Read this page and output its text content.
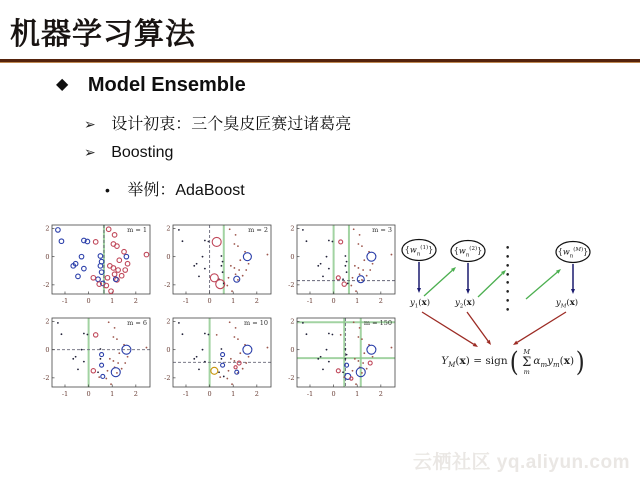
机器学习算法
◆ Model Ensemble
➢ 设计初衷：三个臭皮匠赛过诸葛亮
➢ Boosting
• 举例：AdaBoost
-1	0	1	2
2
0
-2
m = 1
-1	0	1	2
2
0
-2
m = 2
-1	0	1	2
2
0
-2
m = 3
-1	0	1	2
2
0
-2
m = 6
-1	0	1	2
2
0
-2
m = 10
-1	0	1	2
2
0
-2
m = 150
$\{w_n^{(1)}\}$	$\{w_n^{(2)}\}$	$\{w_n^{(M)}\}$
$y_1(x)$	$y_2(x)$	$y_M(x)$
• • • •
• • • •
$Y_M(x)$ = sign ( M
Σ
m
$\alpha_my_m(x)$ )
云栖社区 yq.aliyun.com
